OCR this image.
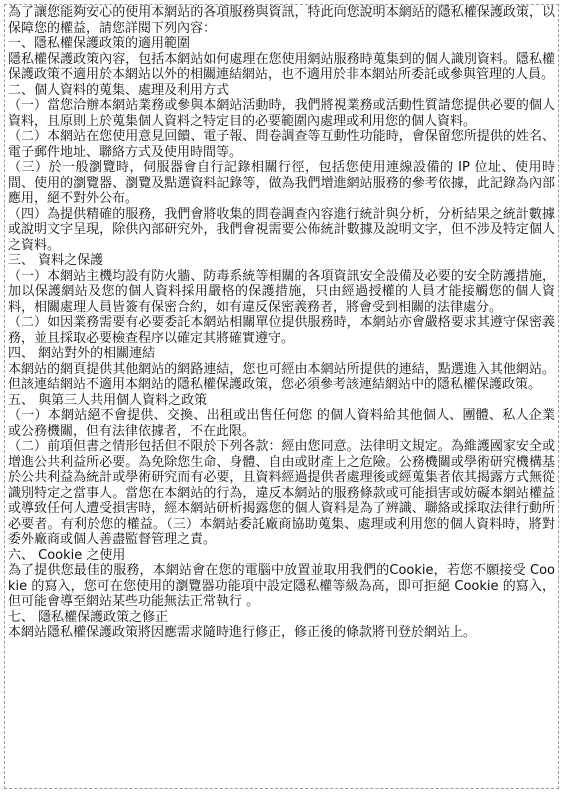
為了讓您能夠安心的使用本網站的各項服務與資訊，特此向您說明本網站的隱私權保護政策，以保障您的權益，請您詳閱下列內容：

一、隱私權保護政策的適用範圍

隱私權保護政策內容，包括本網站如何處理在您使用網站服務時蒐集到的個人識別資料。隱私權保護政策不適用於本網站以外的相關連結網站，也不適用於非本網站所委託或參與管理的人員。

二、個人資料的蒐集、處理及利用方式

（一）當您洽辦本網站業務或參與本網站活動時，我們將視業務或活動性質請您提供必要的個人資料，且原則上於蒐集個人資料之特定目的必要範圍內處理或利用您的個人資料。

（二）本網站在您使用意見回饋、電子報、問卷調查等互動性功能時，會保留您所提供的姓名、電子郵件地址、聯絡方式及使用時間等。

（三）於一般瀏覽時，伺服器會自行記錄相關行徑，包括您使用連線設備的 IP 位址、使用時間、使用的瀏覽器、瀏覽及點選資料記錄等，做為我們增進網站服務的參考依據，此記錄為內部應用，絕不對外公布。

（四）為提供精確的服務，我們會將收集的問卷調查內容進行統計與分析，分析結果之統計數據或說明文字呈現，除供內部研究外，我們會視需要公佈統計數據及說明文字，但不涉及特定個人之資料。

三、 資料之保護

（一）本網站主機均設有防火牆、防毒系統等相關的各項資訊安全設備及必要的安全防護措施，加以保護網站及您的個人資料採用嚴格的保護措施，只由經過授權的人員才能接觸您的個人資料，相關處理人員皆簽有保密合約，如有違反保密義務者，將會受到相關的法律處分。

（二）如因業務需要有必要委託本網站相關單位提供服務時，本網站亦會嚴格要求其遵守保密義務，並且採取必要檢查程序以確定其將確實遵守。

四、 網站對外的相關連結

本網站的網頁提供其他網站的網路連結，您也可經由本網站所提供的連結，點選進入其他網站。但該連結網站不適用本網站的隱私權保護政策，您必須參考該連結網站中的隱私權保護政策。

五、 與第三人共用個人資料之政策

（一）本網站絕不會提供、交換、出租或出售任何您 的個人資料給其他個人、團體、私人企業或公務機關，但有法律依據者，不在此限。

（二）前項但書之情形包括但不限於下列各款：經由您同意。法律明文規定。為維護國家安全或增進公共利益所必要。為免除您生命、身體、自由或財產上之危險。公務機關或學術研究機構基於公共利益為統計或學術研究而有必要，且資料經過提供者處理後或經蒐集者依其揭露方式無從識別特定之當事人。當您在本網站的行為，違反本網站的服務條款或可能損害或妨礙本網站權益或導致任何人遭受損害時，經本網站研析揭露您的個人資料是為了辨識、聯絡或採取法律行動所必要者。有利於您的權益。（三）本網站委託廠商協助蒐集、處理或利用您的個人資料時，將對委外廠商或個人善盡監督管理之責。

六、 Cookie 之使用

為了提供您最佳的服務，本網站會在您的電腦中放置並取用我們的Cookie，若您不願接受 Cookie 的寫入，您可在您使用的瀏覽器功能項中設定隱私權等級為高，即可拒絕 Cookie 的寫入，但可能會導至網站某些功能無法正常執行 。

七、 隱私權保護政策之修正

本網站隱私權保護政策將因應需求隨時進行修正，修正後的條款將刊登於網站上。
